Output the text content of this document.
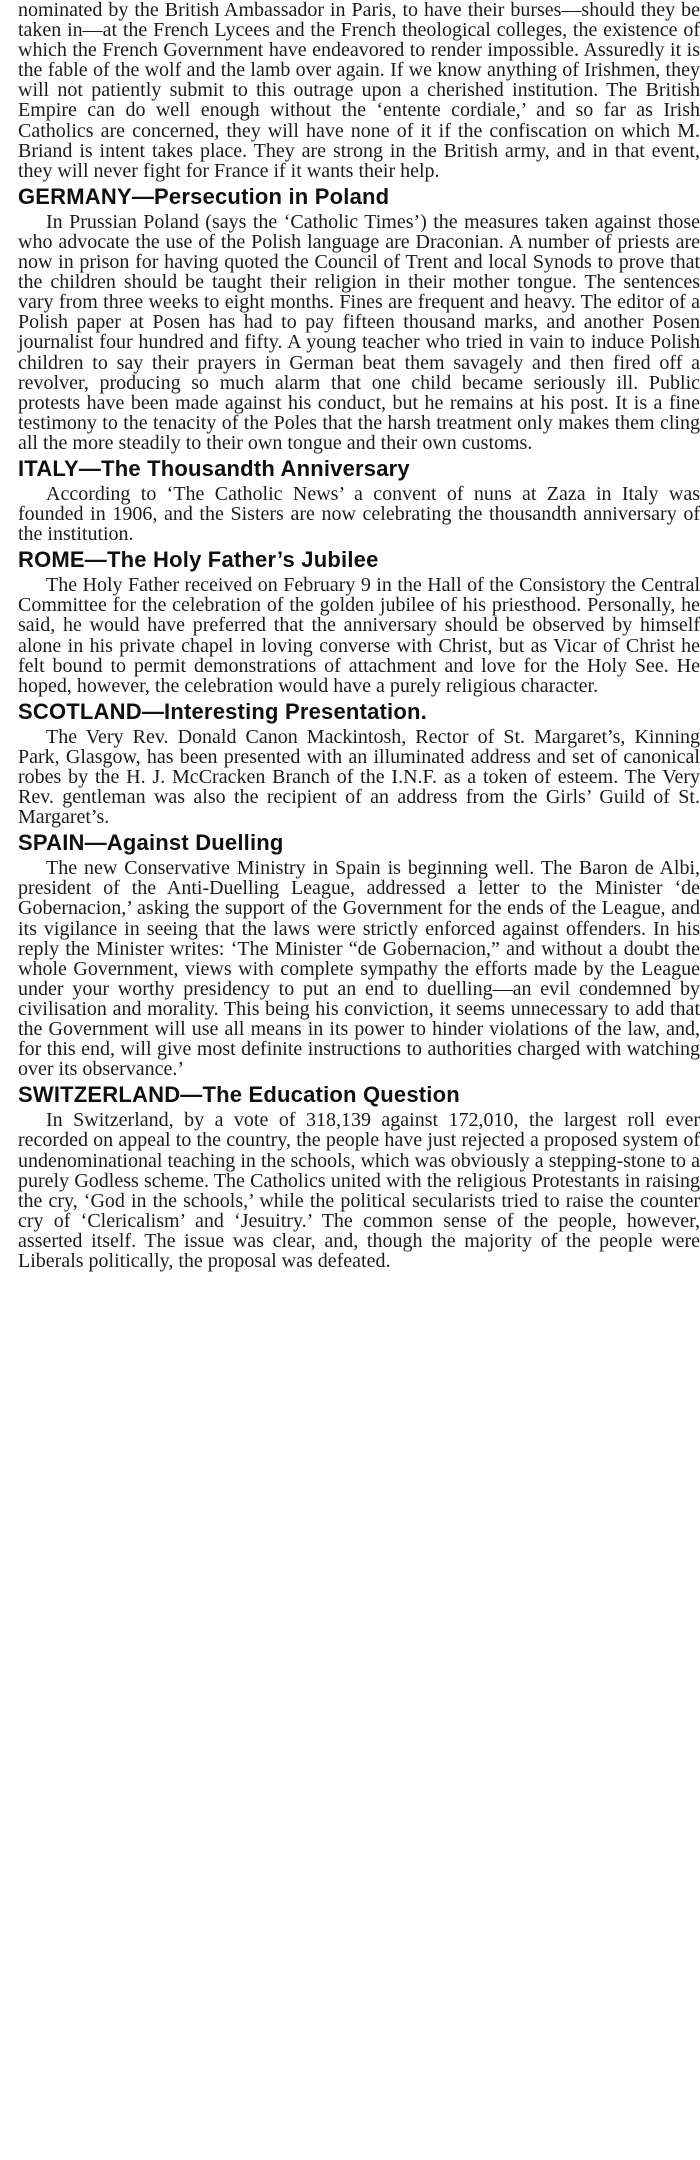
nominated by the British Ambassador in Paris, to have their burses—should they be taken in—at the French Lycees and the French theological colleges, the existence of which the French Government have endeavored to render impossible. Assuredly it is the fable of the wolf and the lamb over again. If we know anything of Irishmen, they will not patiently submit to this outrage upon a cherished institution. The British Empire can do well enough without the ‘entente cordiale,’ and so far as Irish Catholics are concerned, they will have none of it if the confiscation on which M. Briand is intent takes place. They are strong in the British army, and in that event, they will never fight for France if it wants their help.

GERMANY—Persecution in Poland

In Prussian Poland (says the ‘Catholic Times’) the measures taken against those who advocate the use of the Polish language are Draconian. A number of priests are now in prison for having quoted the Council of Trent and local Synods to prove that the children should be taught their religion in their mother tongue. The sentences vary from three weeks to eight months. Fines are frequent and heavy. The editor of a Polish paper at Posen has had to pay fifteen thousand marks, and another Posen journalist four hundred and fifty. A young teacher who tried in vain to induce Polish children to say their prayers in German beat them savagely and then fired off a revolver, producing so much alarm that one child became seriously ill. Public protests have been made against his conduct, but he remains at his post. It is a fine testimony to the tenacity of the Poles that the harsh treatment only makes them cling all the more steadily to their own tongue and their own customs.

ITALY—The Thousandth Anniversary

According to ‘The Catholic News’ a convent of nuns at Zaza in Italy was founded in 1906, and the Sisters are now celebrating the thousandth anniversary of the institution.

ROME—The Holy Father’s Jubilee

The Holy Father received on February 9 in the Hall of the Consistory the Central Committee for the celebration of the golden jubilee of his priesthood. Personally, he said, he would have preferred that the anniversary should be observed by himself alone in his private chapel in loving converse with Christ, but as Vicar of Christ he felt bound to permit demonstrations of attachment and love for the Holy See. He hoped, however, the celebration would have a purely religious character.

SCOTLAND—Interesting Presentation.

The Very Rev. Donald Canon Mackintosh, Rector of St. Margaret’s, Kinning Park, Glasgow, has been presented with an illuminated address and set of canonical robes by the H. J. McCracken Branch of the I.N.F. as a token of esteem. The Very Rev. gentleman was also the recipient of an address from the Girls’ Guild of St. Margaret’s.

SPAIN—Against Duelling

The new Conservative Ministry in Spain is beginning well. The Baron de Albi, president of the Anti-Duelling League, addressed a letter to the Minister ‘de Gobernacion,’ asking the support of the Government for the ends of the League, and its vigilance in seeing that the laws were strictly enforced against offenders. In his reply the Minister writes: ‘The Minister “de Gobernacion,” and without a doubt the whole Government, views with complete sympathy the efforts made by the League under your worthy presidency to put an end to duelling—an evil condemned by civilisation and morality. This being his conviction, it seems unnecessary to add that the Government will use all means in its power to hinder violations of the law, and, for this end, will give most definite instructions to authorities charged with watching over its observance.’

SWITZERLAND—The Education Question

In Switzerland, by a vote of 318,139 against 172,010, the largest roll ever recorded on appeal to the country, the people have just rejected a proposed system of undenominational teaching in the schools, which was obviously a stepping-stone to a purely Godless scheme. The Catholics united with the religious Protestants in raising the cry, ‘God in the schools,’ while the political secularists tried to raise the counter cry of ‘Clericalism’ and ‘Jesuitry.’ The common sense of the people, however, asserted itself. The issue was clear, and, though the majority of the people were Liberals politically, the proposal was defeated.
